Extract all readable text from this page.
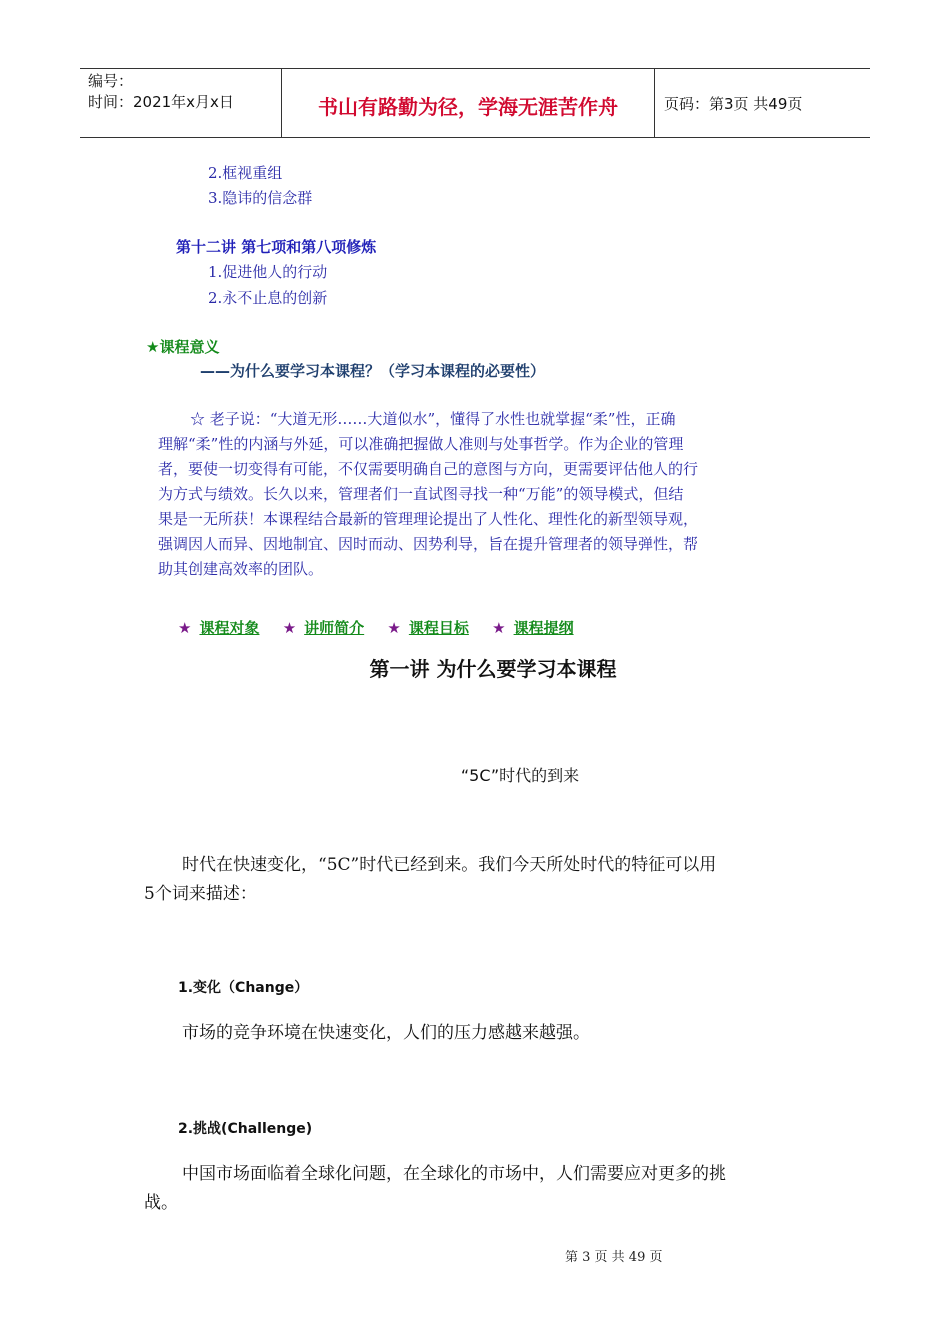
编号：
时间：2021年x月x日	书山有路勤为径，学海无涯苦作舟	页码：第3页 共49页
2.框视重组
3.隐讳的信念群
第十二讲 第七项和第八项修炼
1.促进他人的行动
2.永不止息的创新
★课程意义
——为什么要学习本课程？（学习本课程的必要性）

☆ 老子说：“大道无形……大道似水”，懂得了水性也就掌握“柔”性，正确

理解“柔”性的内涵与外延，可以准确把握做人准则与处事哲学。作为企业的管理

者，要使一切变得有可能，不仅需要明确自己的意图与方向，更需要评估他人的行

为方式与绩效。长久以来，管理者们一直试图寻找一种“万能”的领导模式，但结

果是一无所获！本课程结合最新的管理理论提出了人性化、理性化的新型领导观，

强调因人而异、因地制宜、因时而动、因势利导，旨在提升管理者的领导弹性，帮

助其创建高效率的团队。

★ 课程对象 ★ 讲师简介 ★ 课程目标 ★ 课程提纲
第一讲 为什么要学习本课程
“5C”时代的到来
时代在快速变化，“5C”时代已经到来。我们今天所处时代的特征可以用
5个词来描述：
1.变化（Change）
市场的竞争环境在快速变化，人们的压力感越来越强。
2.挑战(Challenge)
中国市场面临着全球化问题，在全球化的市场中，人们需要应对更多的挑
战。
第 3 页 共 49 页
